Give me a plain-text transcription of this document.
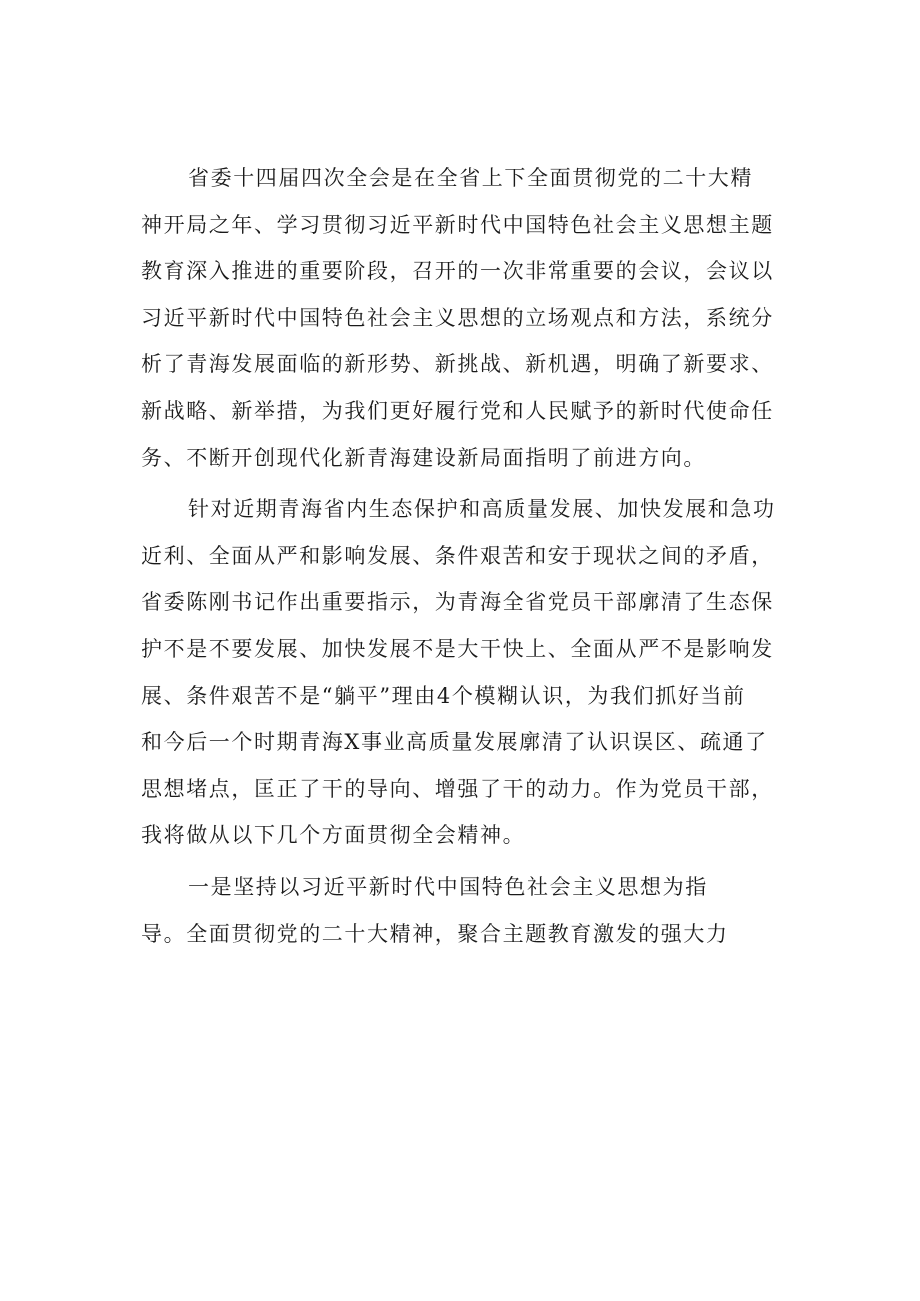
省委十四届四次全会是在全省上下全面贯彻党的二十大精
神开局之年、学习贯彻习近平新时代中国特色社会主义思想主题
教育深入推进的重要阶段，召开的一次非常重要的会议，会议以
习近平新时代中国特色社会主义思想的立场观点和方法，系统分
析了青海发展面临的新形势、新挑战、新机遇，明确了新要求、
新战略、新举措，为我们更好履行党和人民赋予的新时代使命任
务、不断开创现代化新青海建设新局面指明了前进方向。

针对近期青海省内生态保护和高质量发展、加快发展和急功
近利、全面从严和影响发展、条件艰苦和安于现状之间的矛盾，
省委陈刚书记作出重要指示，为青海全省党员干部廓清了生态保
护不是不要发展、加快发展不是大干快上、全面从严不是影响发
展、条件艰苦不是“躺平”理由4个模糊认识，为我们抓好当前
和今后一个时期青海X事业高质量发展廓清了认识误区、疏通了
思想堵点，匡正了干的导向、增强了干的动力。作为党员干部，
我将做从以下几个方面贯彻全会精神。

一是坚持以习近平新时代中国特色社会主义思想为指
导。全面贯彻党的二十大精神，聚合主题教育激发的强大力
